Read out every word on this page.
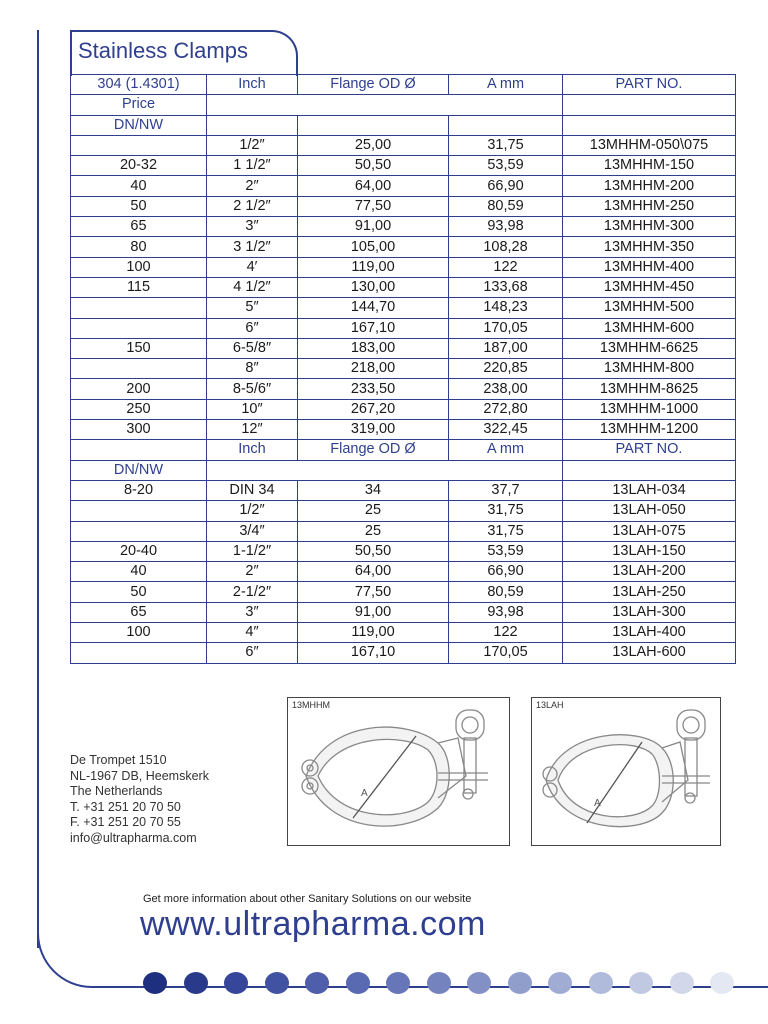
Stainless Clamps
304 (1.4301)	Inch	Flange OD Ø	A mm	PART NO.
Price				
DN/NW				
	1/2″	25,00	31,75	13MHHM-050\075
20-32	1 1/2″	50,50	53,59	13MHHM-150
40	2″	64,00	66,90	13MHHM-200
50	2 1/2″	77,50	80,59	13MHHM-250
65	3″	91,00	93,98	13MHHM-300
80	3 1/2″	105,00	108,28	13MHHM-350
100	4′	119,00	122	13MHHM-400
115	4 1/2″	130,00	133,68	13MHHM-450
	5″	144,70	148,23	13MHHM-500
	6″	167,10	170,05	13MHHM-600
150	6-5/8″	183,00	187,00	13MHHM-6625
	8″	218,00	220,85	13MHHM-800
200	8-5/6″	233,50	238,00	13MHHM-8625
250	10″	267,20	272,80	13MHHM-1000
300	12″	319,00	322,45	13MHHM-1200
	Inch	Flange OD Ø	A mm	PART NO.
DN/NW				
8-20	DIN 34	34	37,7	13LAH-034
	1/2″	25	31,75	13LAH-050
	3/4″	25	31,75	13LAH-075
20-40	1-1/2″	50,50	53,59	13LAH-150
40	2″	64,00	66,90	13LAH-200
50	2-1/2″	77,50	80,59	13LAH-250
65	3″	91,00	93,98	13LAH-300
100	4″	119,00	122	13LAH-400
	6″	167,10	170,05	13LAH-600
De Trompet 1510
NL-1967 DB, Heemskerk
The Netherlands
T. +31 251 20 70 50
F. +31 251 20 70 55
info@ultrapharma.com
13MHHM
A
13LAH
A
Get more information about other Sanitary Solutions on our website
www.ultrapharma.com
